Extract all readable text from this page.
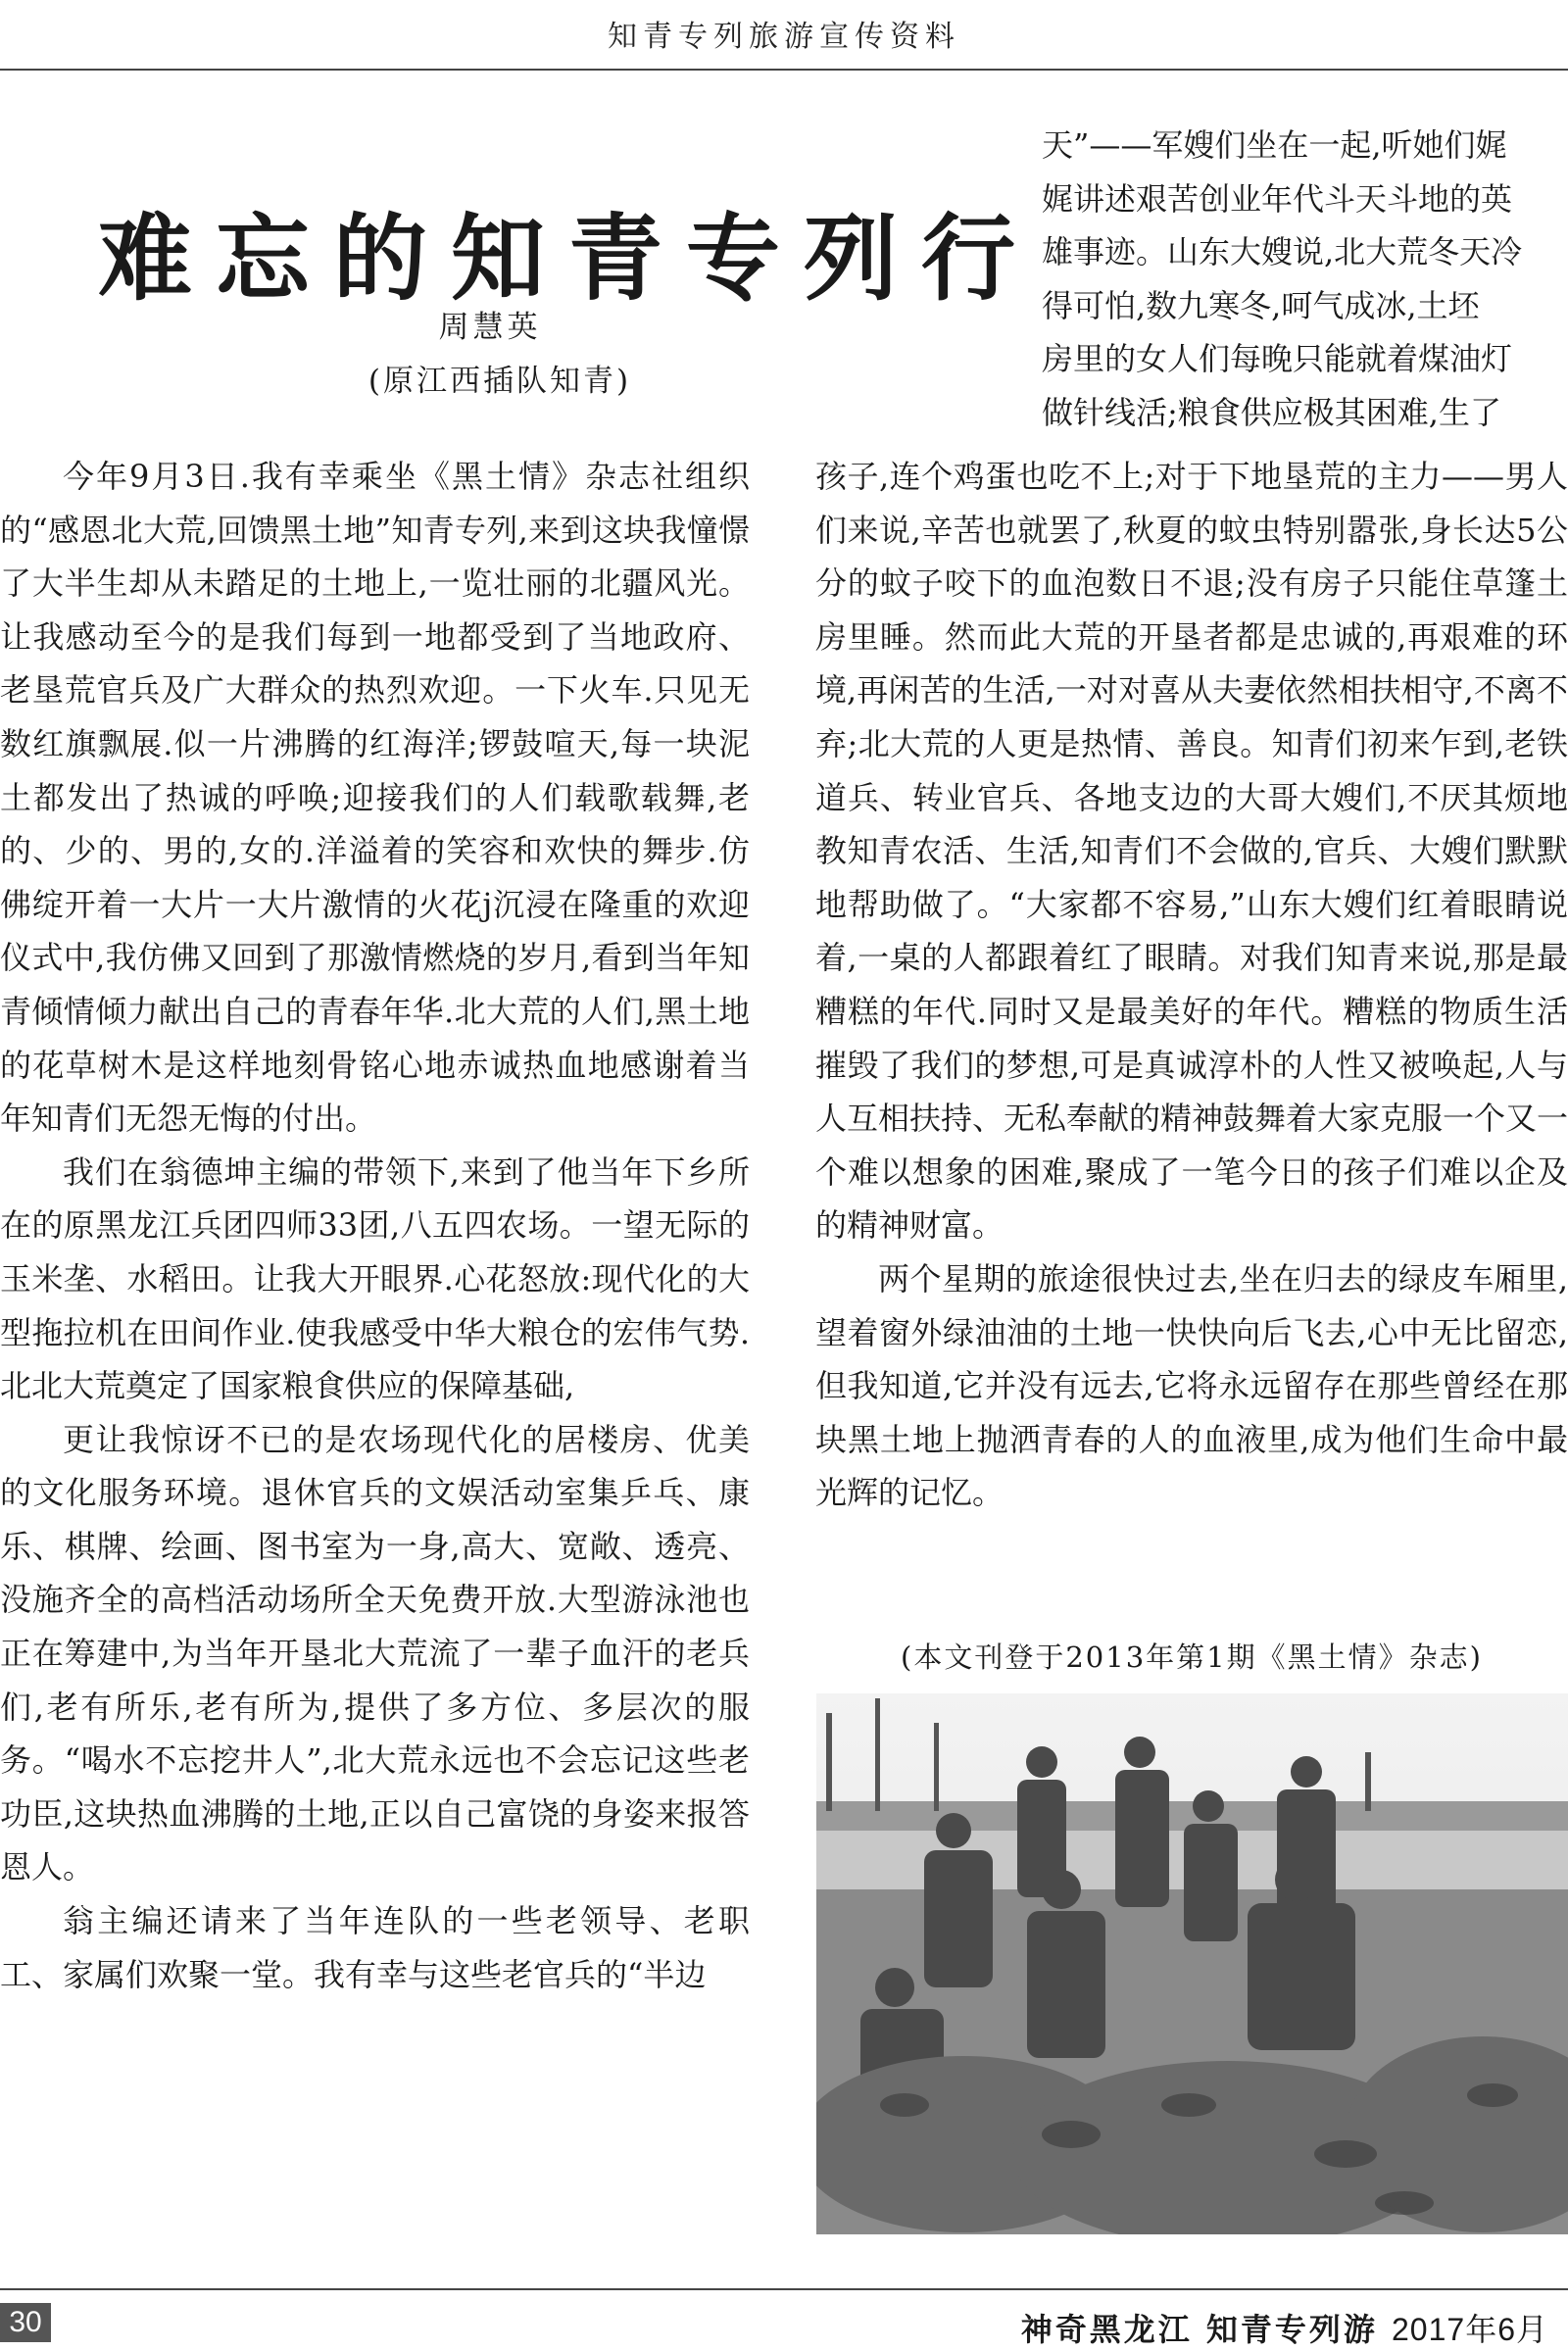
知青专列旅游宣传资料
难忘的知青专列行
周慧英
(原江西插队知青)

今年9月3日.我有幸乘坐《黑土情》杂志社组织的“感恩北大荒,回馈黑土地”知青专列,来到这块我憧憬了大半生却从未踏足的土地上,一览壮丽的北疆风光。让我感动至今的是我们每到一地都受到了当地政府、老垦荒官兵及广大群众的热烈欢迎。一下火车.只见无数红旗飘展.似一片沸腾的红海洋;锣鼓喧天,每一块泥土都发出了热诚的呼唤;迎接我们的人们载歌载舞,老的、少的、男的,女的.洋溢着的笑容和欢快的舞步.仿佛绽开着一大片一大片激情的火花j沉浸在隆重的欢迎仪式中,我仿佛又回到了那激情燃烧的岁月,看到当年知青倾情倾力献出自己的青春年华.北大荒的人们,黑土地的花草树木是这样地刻骨铭心地赤诚热血地感谢着当年知青们无怨无悔的付出。

我们在翁德坤主编的带领下,来到了他当年下乡所在的原黑龙江兵团四师33团,八五四农场。一望无际的玉米垄、水稻田。让我大开眼界.心花怒放:现代化的大型拖拉机在田间作业.使我感受中华大粮仓的宏伟气势.北北大荒奠定了国家粮食供应的保障基础,

更让我惊讶不已的是农场现代化的居楼房、优美的文化服务环境。退休官兵的文娱活动室集乒乓、康乐、棋牌、绘画、图书室为一身,高大、宽敞、透亮、没施齐全的高档活动场所全天免费开放.大型游泳池也正在筹建中,为当年开垦北大荒流了一辈子血汗的老兵们,老有所乐,老有所为,提供了多方位、多层次的服务。“喝水不忘挖井人”,北大荒永远也不会忘记这些老功臣,这块热血沸腾的土地,正以自己富饶的身姿来报答恩人。

翁主编还请来了当年连队的一些老领导、老职工、家属们欢聚一堂。我有幸与这些老官兵的“半边

天”——军嫂们坐在一起,听她们娓
娓讲述艰苦创业年代斗天斗地的英
雄事迹。山东大嫂说,北大荒冬天冷
得可怕,数九寒冬,呵气成冰,土坯
房里的女人们每晚只能就着煤油灯
做针线活;粮食供应极其困难,生了

孩子,连个鸡蛋也吃不上;对于下地垦荒的主力——男人们来说,辛苦也就罢了,秋夏的蚊虫特别嚣张,身长达5公分的蚊子咬下的血泡数日不退;没有房子只能住草篷土房里睡。然而此大荒的开垦者都是忠诚的,再艰难的环境,再闲苦的生活,一对对喜从夫妻依然相扶相守,不离不弃;北大荒的人更是热情、善良。知青们初来乍到,老铁道兵、转业官兵、各地支边的大哥大嫂们,不厌其烦地教知青农活、生活,知青们不会做的,官兵、大嫂们默默地帮助做了。“大家都不容易,”山东大嫂们红着眼睛说着,一桌的人都跟着红了眼睛。对我们知青来说,那是最糟糕的年代.同时又是最美好的年代。糟糕的物质生活摧毁了我们的梦想,可是真诚淳朴的人性又被唤起,人与人互相扶持、无私奉献的精神鼓舞着大家克服一个又一个难以想象的困难,聚成了一笔今日的孩子们难以企及的精神财富。

两个星期的旅途很快过去,坐在归去的绿皮车厢里,望着窗外绿油油的土地一快快向后飞去,心中无比留恋,但我知道,它并没有远去,它将永远留存在那些曾经在那块黑土地上抛洒青春的人的血液里,成为他们生命中最光辉的记忆。

(本文刊登于2013年第1期《黑土情》杂志)
30	神奇黑龙江 知青专列游 2017年6月
